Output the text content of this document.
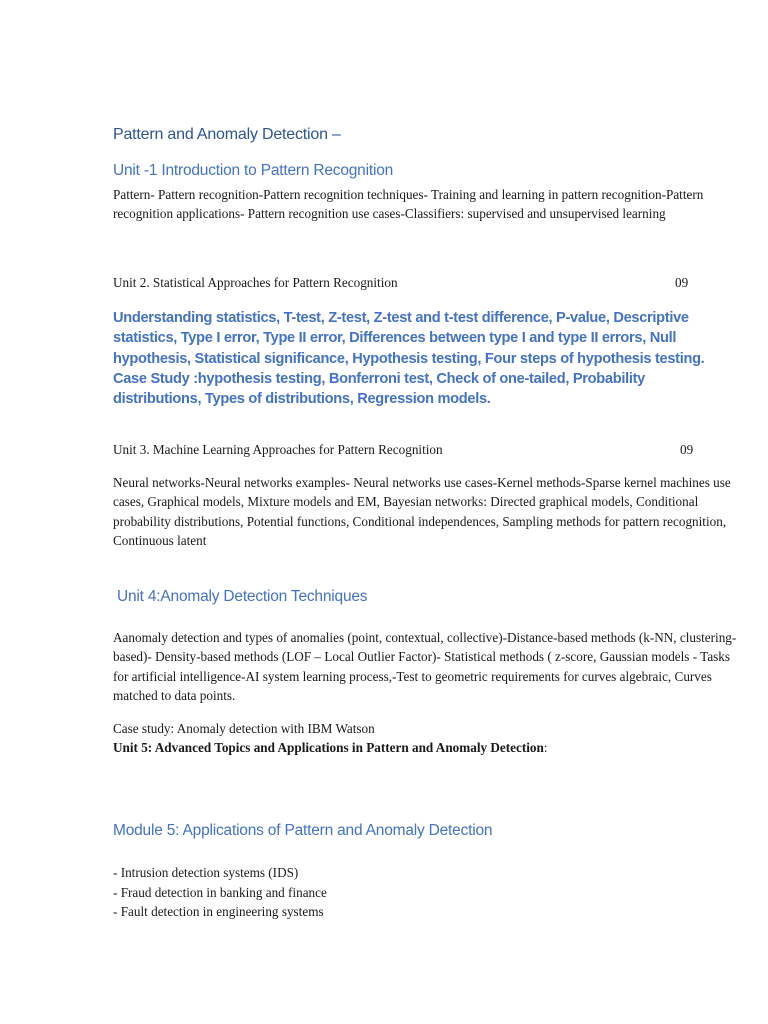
Pattern and Anomaly Detection –
Unit -1 Introduction to Pattern Recognition

Pattern- Pattern recognition-Pattern recognition techniques- Training and learning in pattern recognition-Pattern recognition applications- Pattern recognition use cases-Classifiers: supervised and unsupervised learning

Unit 2. Statistical Approaches for Pattern Recognition	09

Understanding statistics, T-test, Z-test, Z-test and t-test difference, P-value, Descriptive statistics, Type I error, Type II error, Differences between type I and type II errors, Null hypothesis, Statistical significance, Hypothesis testing, Four steps of hypothesis testing. Case Study :hypothesis testing, Bonferroni test, Check of one-tailed, Probability distributions, Types of distributions, Regression models.

Unit 3. Machine Learning Approaches for Pattern Recognition	09

Neural networks-Neural networks examples- Neural networks use cases-Kernel methods-Sparse kernel machines use cases, Graphical models, Mixture models and EM, Bayesian networks: Directed graphical models, Conditional probability distributions, Potential functions, Conditional independences, Sampling methods for pattern recognition, Continuous latent

Unit 4:Anomaly Detection Techniques

Aanomaly detection and types of anomalies (point, contextual, collective)-Distance-based methods (k-NN, clustering-based)- Density-based methods (LOF – Local Outlier Factor)- Statistical methods ( z-score, Gaussian models - Tasks for artificial intelligence-AI system learning process,-Test to geometric requirements for curves algebraic, Curves matched to data points.

Case study: Anomaly detection with IBM Watson

Unit 5: Advanced Topics and Applications in Pattern and Anomaly Detection:

Module 5: Applications of Pattern and Anomaly Detection
- Intrusion detection systems (IDS)
- Fraud detection in banking and finance
- Fault detection in engineering systems
